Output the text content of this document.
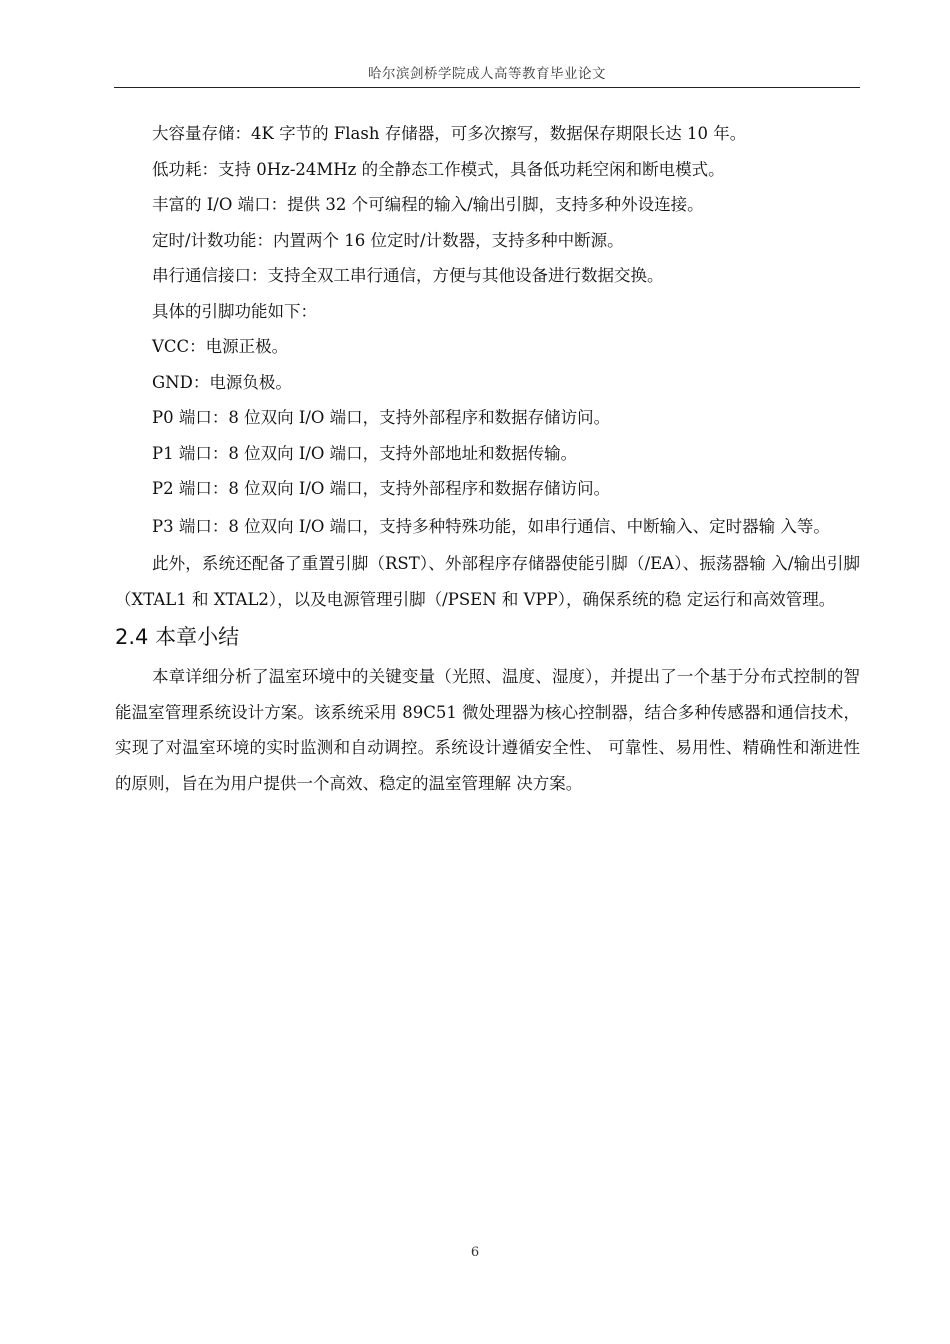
哈尔滨剑桥学院成人高等教育毕业论文

大容量存储：4K 字节的 Flash 存储器，可多次擦写，数据保存期限长达 10 年。

低功耗：支持 0Hz-24MHz 的全静态工作模式，具备低功耗空闲和断电模式。

丰富的 I/O 端口：提供 32 个可编程的输入/输出引脚，支持多种外设连接。

定时/计数功能：内置两个 16 位定时/计数器，支持多种中断源。

串行通信接口：支持全双工串行通信，方便与其他设备进行数据交换。

具体的引脚功能如下：

VCC：电源正极。

GND：电源负极。

P0 端口：8 位双向 I/O 端口，支持外部程序和数据存储访问。

P1 端口：8 位双向 I/O 端口，支持外部地址和数据传输。

P2 端口：8 位双向 I/O 端口，支持外部程序和数据存储访问。

P3 端口：8 位双向 I/O 端口，支持多种特殊功能，如串行通信、中断输入、定时器输 入等。

此外，系统还配备了重置引脚（RST）、外部程序存储器使能引脚（/EA）、振荡器输 入/输出引脚（XTAL1 和 XTAL2），以及电源管理引脚（/PSEN 和 VPP），确保系统的稳 定运行和高效管理。

2.4 本章小结

本章详细分析了温室环境中的关键变量（光照、温度、湿度），并提出了一个基于分布式控制的智能温室管理系统设计方案。该系统采用 89C51 微处理器为核心控制器，结合多种传感器和通信技术，实现了对温室环境的实时监测和自动调控。系统设计遵循安全性、 可靠性、易用性、精确性和渐进性的原则，旨在为用户提供一个高效、稳定的温室管理解 决方案。

6
